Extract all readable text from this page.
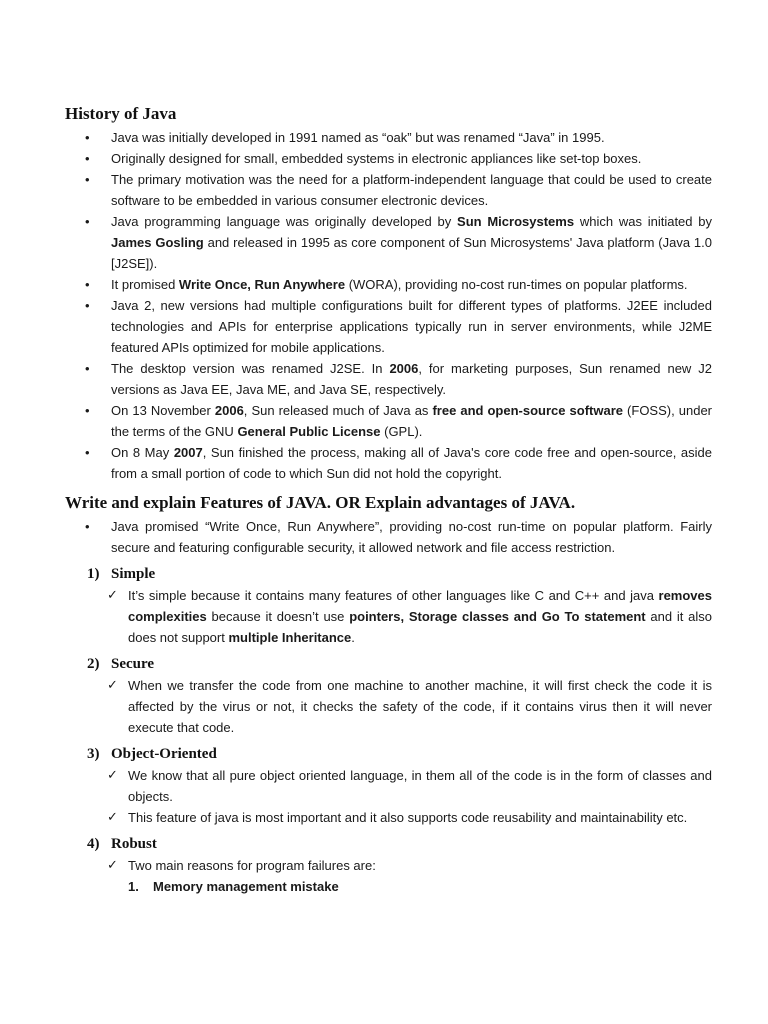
History of Java
• Java was initially developed in 1991 named as “oak” but was renamed “Java” in 1995.
• Originally designed for small, embedded systems in electronic appliances like set-top boxes.
• The primary motivation was the need for a platform-independent language that could be used to create software to be embedded in various consumer electronic devices.
• Java programming language was originally developed by Sun Microsystems which was initiated by James Gosling and released in 1995 as core component of Sun Microsystems' Java platform (Java 1.0 [J2SE]).
• It promised Write Once, Run Anywhere (WORA), providing no-cost run-times on popular platforms.
• Java 2, new versions had multiple configurations built for different types of platforms. J2EE included technologies and APIs for enterprise applications typically run in server environments, while J2ME featured APIs optimized for mobile applications.
• The desktop version was renamed J2SE. In 2006, for marketing purposes, Sun renamed new J2 versions as Java EE, Java ME, and Java SE, respectively.
• On 13 November 2006, Sun released much of Java as free and open-source software (FOSS), under the terms of the GNU General Public License (GPL).
• On 8 May 2007, Sun finished the process, making all of Java's core code free and open-source, aside from a small portion of code to which Sun did not hold the copyright.
Write and explain Features of JAVA. OR Explain advantages of JAVA.
• Java promised “Write Once, Run Anywhere”, providing no-cost run-time on popular platform. Fairly secure and featuring configurable security, it allowed network and file access restriction.
1) Simple
✓ It’s simple because it contains many features of other languages like C and C++ and java removes complexities because it doesn’t use pointers, Storage classes and Go To statement and it also does not support multiple Inheritance.
2) Secure
✓ When we transfer the code from one machine to another machine, it will first check the code it is affected by the virus or not, it checks the safety of the code, if it contains virus then it will never execute that code.
3) Object-Oriented
✓ We know that all pure object oriented language, in them all of the code is in the form of classes and objects.
✓ This feature of java is most important and it also supports code reusability and maintainability etc.
4) Robust
✓ Two main reasons for program failures are:
1. Memory management mistake
